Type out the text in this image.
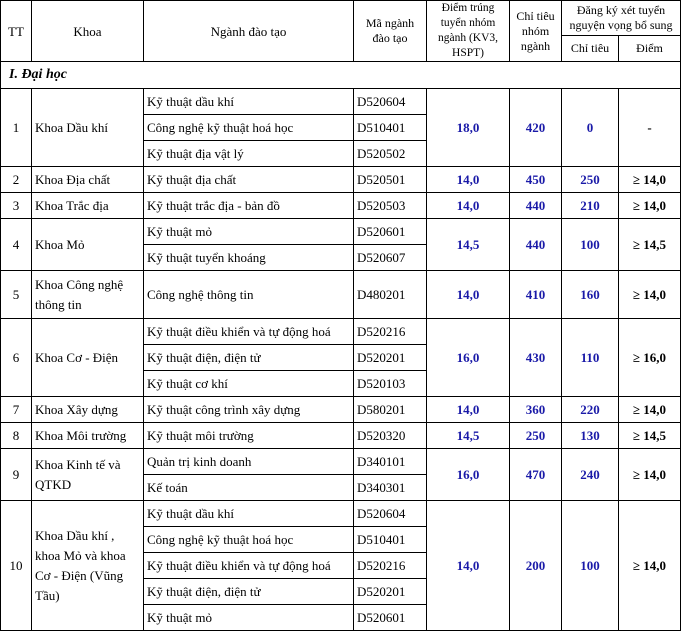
TT	Khoa	Ngành đào tạo	Mã ngành đào tạo	Điểm trúng tuyển nhóm ngành (KV3, HSPT)	Chỉ tiêu nhóm ngành	Đăng ký xét tuyển nguyện vọng bổ sung	
						Chỉ tiêu	Điểm
I. Đại học							
1	Khoa Dầu khí	Kỹ thuật dầu khí	D520604	18,0	420	0	-
		Công nghệ kỹ thuật hoá học	D510401				
		Kỹ thuật địa vật lý	D520502				
2	Khoa Địa chất	Kỹ thuật địa chất	D520501	14,0	450	250	≥ 14,0
3	Khoa Trắc địa	Kỹ thuật trắc địa - bản đồ	D520503	14,0	440	210	≥ 14,0
4	Khoa Mỏ	Kỹ thuật mỏ	D520601	14,5	440	100	≥ 14,5
		Kỹ thuật tuyển khoáng	D520607				
5	Khoa Công nghệ thông tin	Công nghệ thông tin	D480201	14,0	410	160	≥ 14,0
6	Khoa Cơ - Điện	Kỹ thuật điều khiển và tự động hoá	D520216	16,0	430	110	≥ 16,0
		Kỹ thuật điện, điện tử	D520201				
		Kỹ thuật cơ khí	D520103				
7	Khoa Xây dựng	Kỹ thuật công trình xây dựng	D580201	14,0	360	220	≥ 14,0
8	Khoa Môi trường	Kỹ thuật môi trường	D520320	14,5	250	130	≥ 14,5
9	Khoa Kinh tế và QTKD	Quản trị kinh doanh	D340101	16,0	470	240	≥ 14,0
		Kế toán	D340301				
10	Khoa Dầu khí , khoa Mỏ và khoa Cơ - Điện (Vũng Tầu)	Kỹ thuật dầu khí	D520604	14,0	200	100	≥ 14,0
		Công nghệ kỹ thuật hoá học	D510401				
		Kỹ thuật điều khiển và tự động hoá	D520216				
		Kỹ thuật điện, điện tử	D520201				
		Kỹ thuật mỏ	D520601				
